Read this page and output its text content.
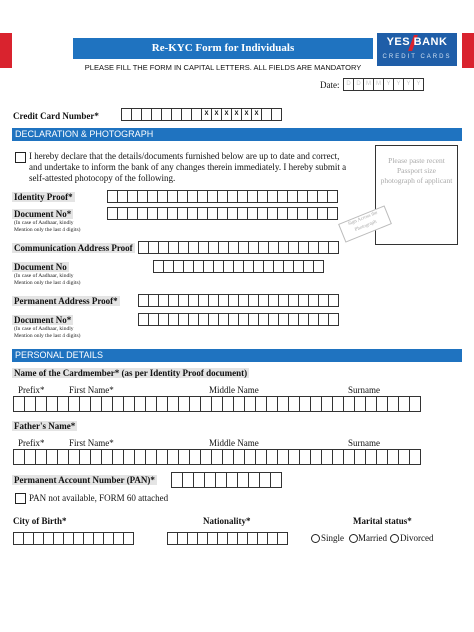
Re-KYC Form for Individuals	YES BANK
CREDIT CARDS
PLEASE FILL THE FORM IN CAPITAL LETTERS. ALL FIELDS ARE MANDATORY
Date:	D D M M Y Y Y Y
Credit Card Number*	X X X X X X
DECLARATION & PHOTOGRAPH
I hereby declare that the details/documents furnished below are up to date and correct,
and undertake to inform the bank of any changes therein immediately. I hereby submit a
self-attested photocopy of the following.
Please paste recent Passport size photograph of applicant
Sign Across the Photograph
Identity Proof*
Document No*
(In case of Aadhaar, kindly
Mention only the last 4 digits)
Communication Address Proof
Document No
(In case of Aadhaar, kindly
Mention only the last 4 digits)
Permanent Address Proof*
Document No*
(In case of Aadhaar, kindly
Mention only the last 4 digits)
PERSONAL DETAILS
Name of the Cardmember* (as per Identity Proof document)
Prefix*	First Name*	Middle Name	Surname
Father's Name*
Prefix*	First Name*	Middle Name	Surname
Permanent Account Number (PAN)*
PAN not available, FORM 60 attached
City of Birth*	Nationality*	Marital status*
Single Married Divorced
